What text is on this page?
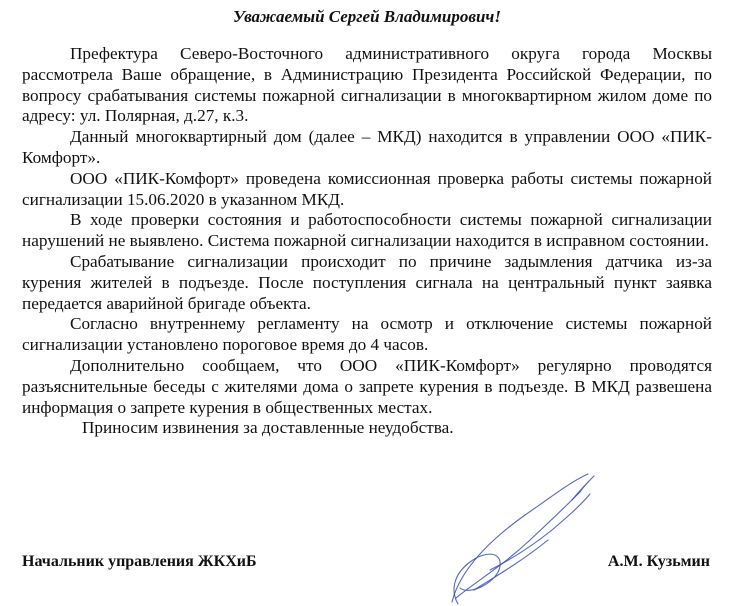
Уважаемый Сергей Владимирович!

Префектура Северо-Восточного административного округа города Москвы рассмотрела Ваше обращение, в Администрацию Президента Российской Федерации, по вопросу срабатывания системы пожарной сигнализации в многоквартирном жилом доме по адресу: ул. Полярная, д.27, к.3.

Данный многоквартирный дом (далее – МКД) находится в управлении ООО «ПИК-Комфорт».

ООО «ПИК-Комфорт» проведена комиссионная проверка работы системы пожарной сигнализации 15.06.2020 в указанном МКД.

В ходе проверки состояния и работоспособности системы пожарной сигнализации нарушений не выявлено. Система пожарной сигнализации находится в исправном состоянии.

Срабатывание сигнализации происходит по причине задымления датчика из-за курения жителей в подъезде. После поступления сигнала на центральный пункт заявка передается аварийной бригаде объекта.

Согласно внутреннему регламенту на осмотр и отключение системы пожарной сигнализации установлено пороговое время до 4 часов.

Дополнительно сообщаем, что ООО «ПИК-Комфорт» регулярно проводятся разъяснительные беседы с жителями дома о запрете курения в подъезде. В МКД развешена информация о запрете курения в общественных местах.

Приносим извинения за доставленные неудобства.

Начальник управления ЖКХиБ	А.М. Кузьмин
